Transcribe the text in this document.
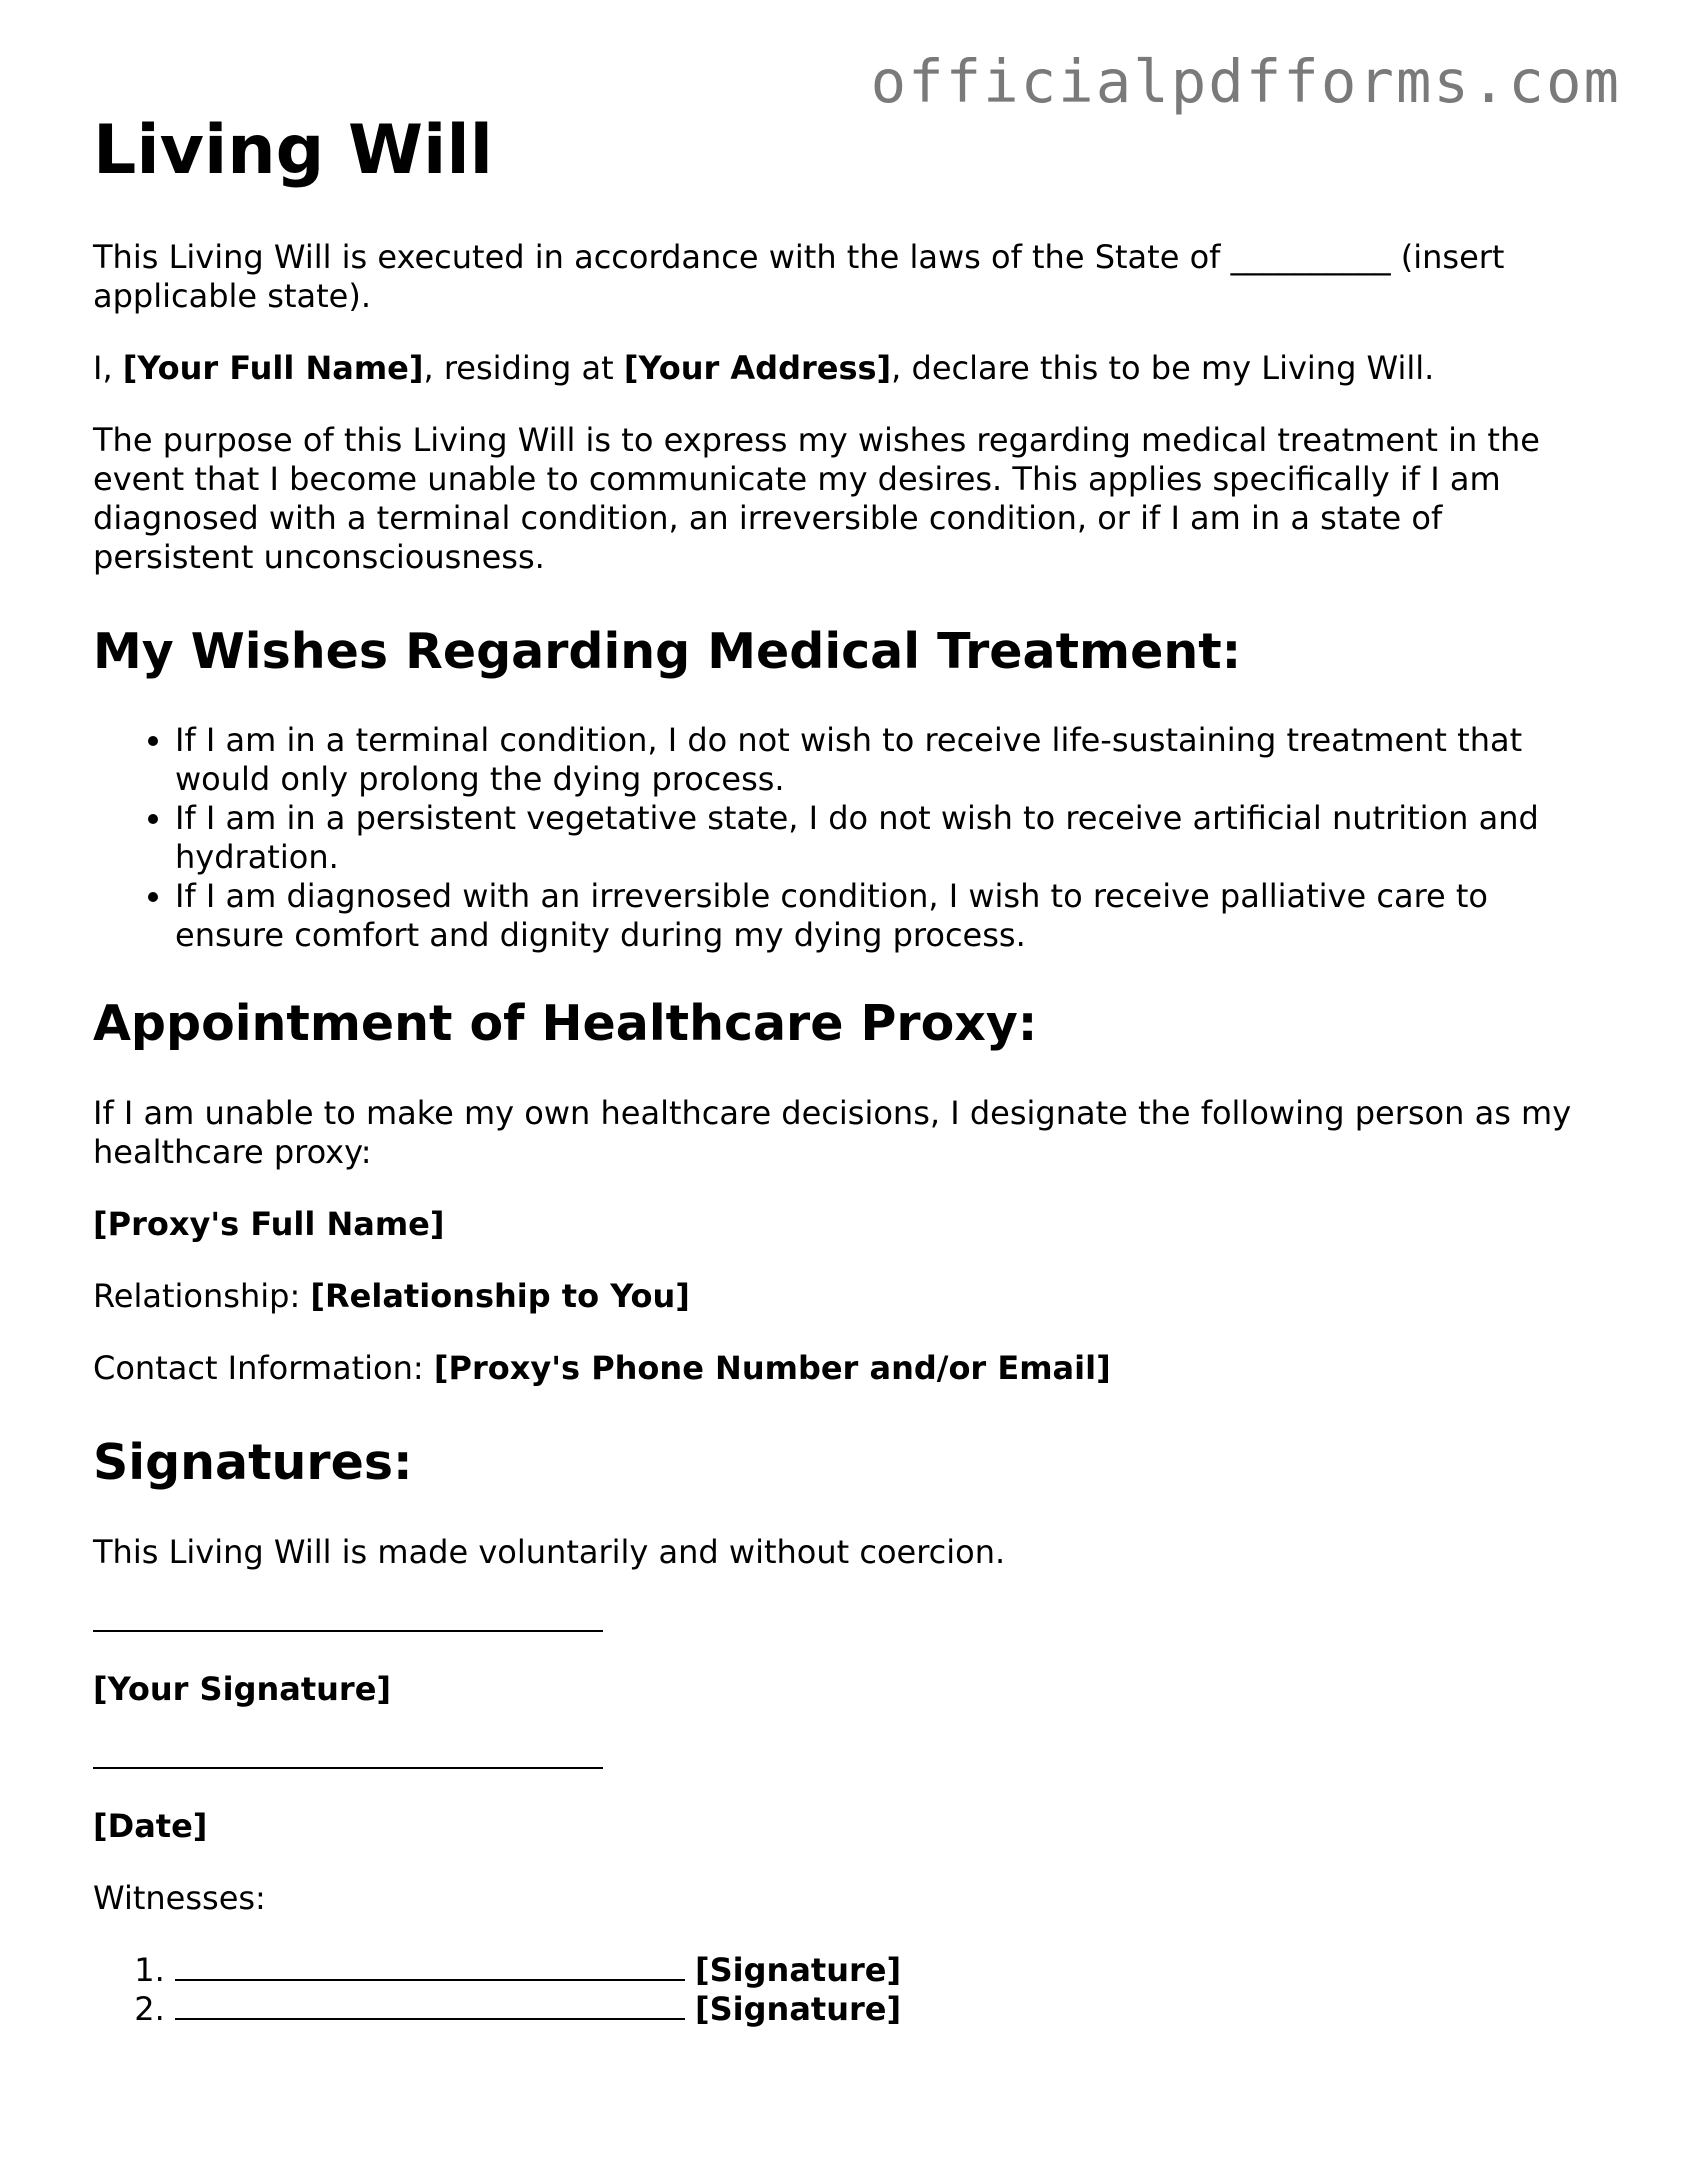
officialpdfforms.com
Living Will

This Living Will is executed in accordance with the laws of the State of __________ (insert applicable state).

I, [Your Full Name], residing at [Your Address], declare this to be my Living Will.

The purpose of this Living Will is to express my wishes regarding medical treatment in the event that I become unable to communicate my desires. This applies specifically if I am diagnosed with a terminal condition, an irreversible condition, or if I am in a state of persistent unconsciousness.

My Wishes Regarding Medical Treatment:
• If I am in a terminal condition, I do not wish to receive life-sustaining treatment that would only prolong the dying process.
• If I am in a persistent vegetative state, I do not wish to receive artificial nutrition and hydration.
• If I am diagnosed with an irreversible condition, I wish to receive palliative care to ensure comfort and dignity during my dying process.
Appointment of Healthcare Proxy:

If I am unable to make my own healthcare decisions, I designate the following person as my healthcare proxy:

[Proxy's Full Name]

Relationship: [Relationship to You]

Contact Information: [Proxy's Phone Number and/or Email]

Signatures:

This Living Will is made voluntarily and without coercion.

[Your Signature]

[Date]

Witnesses:

1. [Signature]
2. [Signature]
